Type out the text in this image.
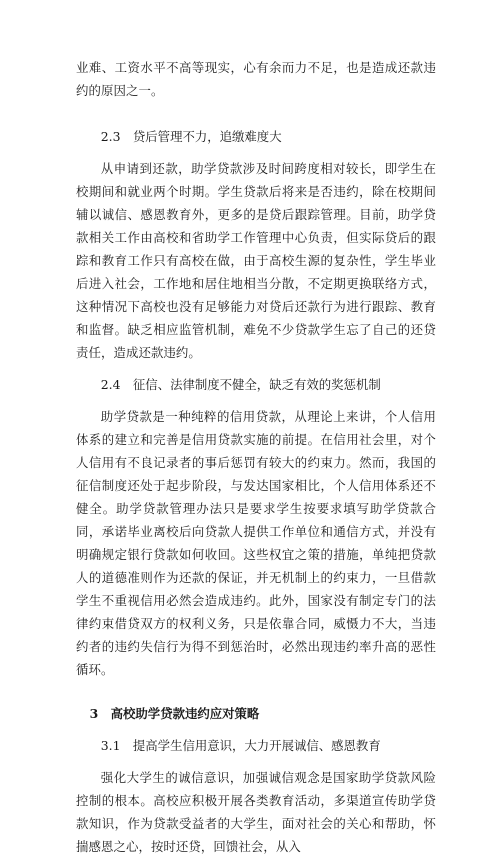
业难、工资水平不高等现实，心有余而力不足，也是造成还款违约的原因之一。

2.3　贷后管理不力，追缴难度大

从申请到还款，助学贷款涉及时间跨度相对较长，即学生在校期间和就业两个时期。学生贷款后将来是否违约，除在校期间辅以诚信、感恩教育外，更多的是贷后跟踪管理。目前，助学贷款相关工作由高校和省助学工作管理中心负责，但实际贷后的跟踪和教育工作只有高校在做，由于高校生源的复杂性，学生毕业后进入社会，工作地和居住地相当分散，不定期更换联络方式，这种情况下高校也没有足够能力对贷后还款行为进行跟踪、教育和监督。缺乏相应监管机制，难免不少贷款学生忘了自己的还贷责任，造成还款违约。

2.4　征信、法律制度不健全，缺乏有效的奖惩机制

助学贷款是一种纯粹的信用贷款，从理论上来讲，个人信用体系的建立和完善是信用贷款实施的前提。在信用社会里，对个人信用有不良记录者的事后惩罚有较大的约束力。然而，我国的征信制度还处于起步阶段，与发达国家相比，个人信用体系还不健全。助学贷款管理办法只是要求学生按要求填写助学贷款合同，承诺毕业离校后向贷款人提供工作单位和通信方式，并没有明确规定银行贷款如何收回。这些权宜之策的措施，单纯把贷款人的道德准则作为还款的保证，并无机制上的约束力，一旦借款学生不重视信用必然会造成违约。此外，国家没有制定专门的法律约束借贷双方的权利义务，只是依靠合同，威慑力不大，当违约者的违约失信行为得不到惩治时，必然出现违约率升高的恶性循环。

3　高校助学贷款违约应对策略

3.1　提高学生信用意识，大力开展诚信、感恩教育

强化大学生的诚信意识，加强诚信观念是国家助学贷款风险控制的根本。高校应积极开展各类教育活动，多渠道宣传助学贷款知识，作为贷款受益者的大学生，面对社会的关心和帮助，怀揣感恩之心，按时还贷，回馈社会，从入
